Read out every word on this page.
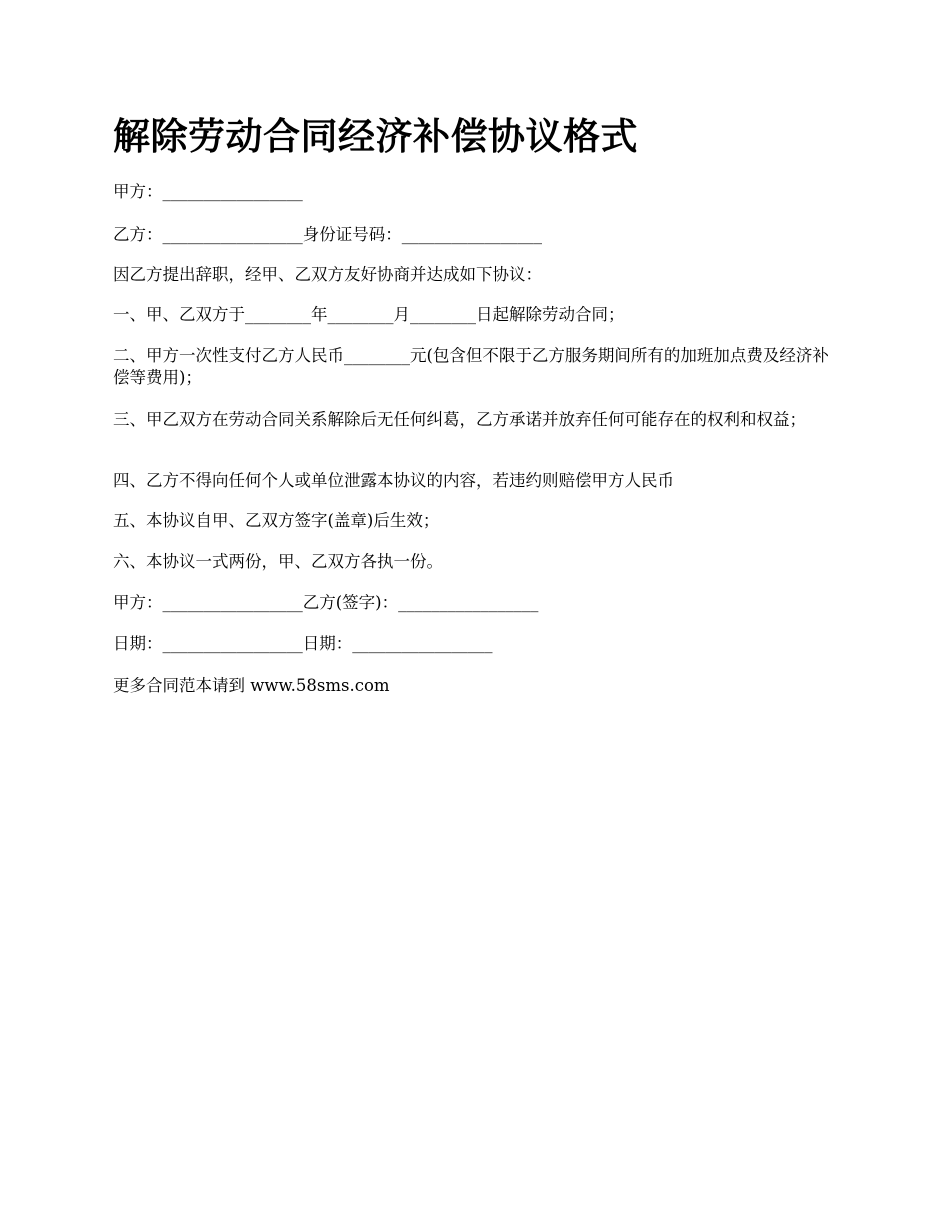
解除劳动合同经济补偿协议格式

甲方：_________________

乙方：_________________身份证号码：_________________

因乙方提出辞职，经甲、乙双方友好协商并达成如下协议：

一、甲、乙双方于________年________月________日起解除劳动合同；

二、甲方一次性支付乙方人民币________元(包含但不限于乙方服务期间所有的加班加点费及经济补偿等费用)；

三、甲乙双方在劳动合同关系解除后无任何纠葛，乙方承诺并放弃任何可能存在的权利和权益；

四、乙方不得向任何个人或单位泄露本协议的内容，若违约则赔偿甲方人民币

五、本协议自甲、乙双方签字(盖章)后生效；

六、本协议一式两份，甲、乙双方各执一份。

甲方：_________________乙方(签字)：_________________

日期：_________________日期：_________________

更多合同范本请到 www.58sms.com
